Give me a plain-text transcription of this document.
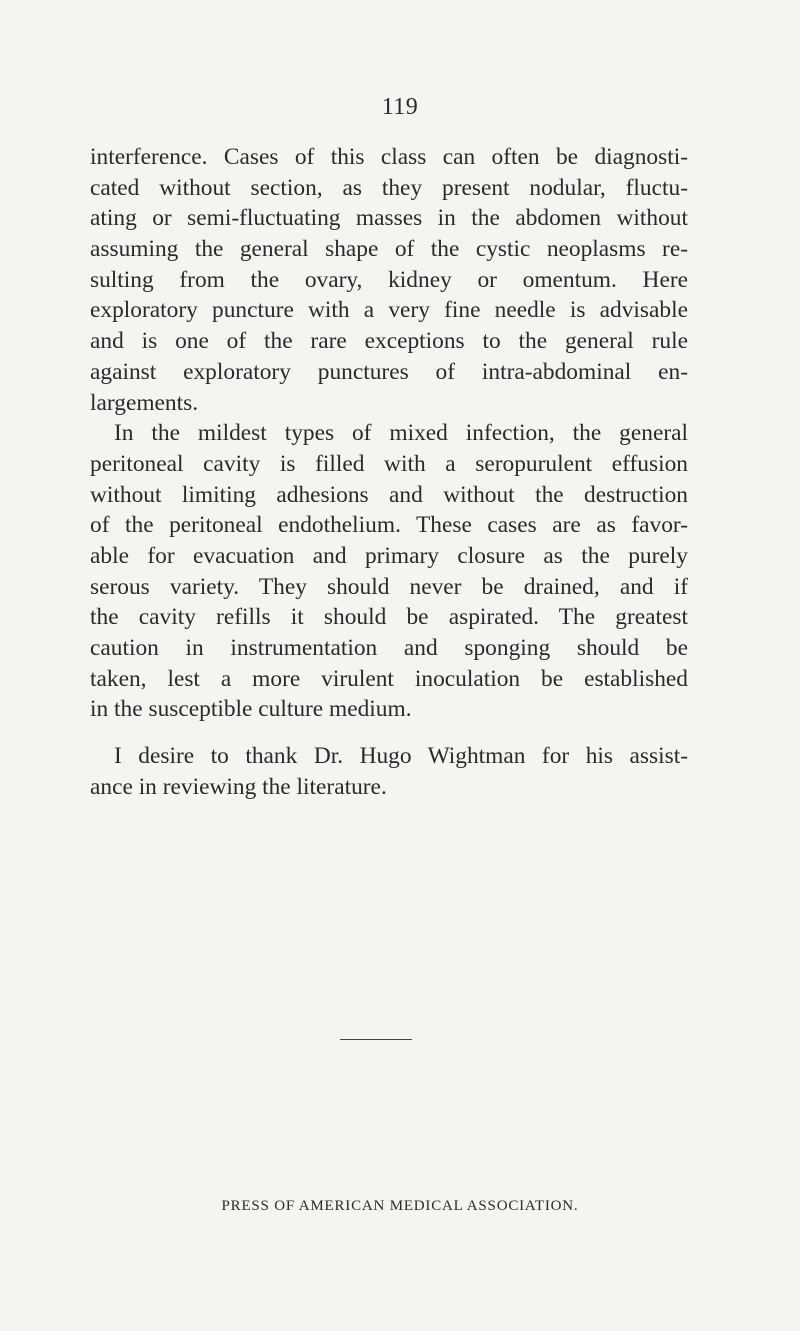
119
interference. Cases of this class can often be diagnosti-
cated without section, as they present nodular, fluctu-
ating or semi-fluctuating masses in the abdomen without
assuming the general shape of the cystic neoplasms re-
sulting from the ovary, kidney or omentum. Here
exploratory puncture with a very fine needle is advisable
and is one of the rare exceptions to the general rule
against exploratory punctures of intra-abdominal en-
largements.
In the mildest types of mixed infection, the general
peritoneal cavity is filled with a seropurulent effusion
without limiting adhesions and without the destruction
of the peritoneal endothelium. These cases are as favor-
able for evacuation and primary closure as the purely
serous variety. They should never be drained, and if
the cavity refills it should be aspirated. The greatest
caution in instrumentation and sponging should be
taken, lest a more virulent inoculation be established
in the susceptible culture medium.
I desire to thank Dr. Hugo Wightman for his assist-
ance in reviewing the literature.
PRESS OF AMERICAN MEDICAL ASSOCIATION.
